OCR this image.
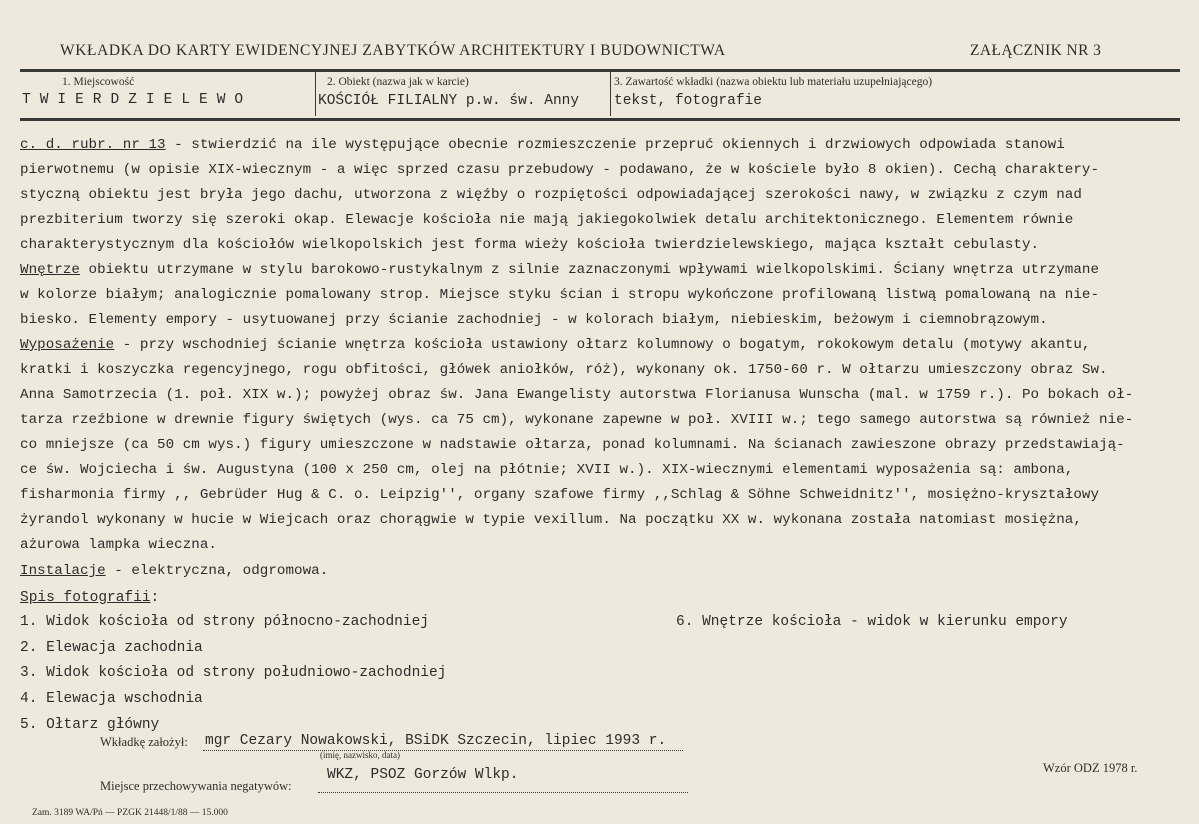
WKŁADKA DO KARTY EWIDENCYJNEJ ZABYTKÓW ARCHITEKTURY I BUDOWNICTWA	ZAŁĄCZNIK NR 3
1. Miejscowość
TWIERDZIELEWO
2. Obiekt (nazwa jak w karcie)
KOŚCIÓŁ FILIALNY p.w. św. Anny
3. Zawartość wkładki (nazwa obiektu lub materiału uzupełniającego)
tekst, fotografie
c. d. rubr. nr 13 - stwierdzić na ile występujące obecnie rozmieszczenie przepruć okiennych i drzwiowych odpowiada stanowi
pierwotnemu (w opisie XIX-wiecznym - a więc sprzed czasu przebudowy - podawano, że w kościele było 8 okien). Cechą charaktery-
styczną obiektu jest bryła jego dachu, utworzona z więźby o rozpiętości odpowiadającej szerokości nawy, w związku z czym nad
prezbiterium tworzy się szeroki okap. Elewacje kościoła nie mają jakiegokolwiek detalu architektonicznego. Elementem równie
charakterystycznym dla kościołów wielkopolskich jest forma wieży kościoła twierdzielewskiego, mająca kształt cebulasty.
Wnętrze obiektu utrzymane w stylu barokowo-rustykalnym z silnie zaznaczonymi wpływami wielkopolskimi. Ściany wnętrza utrzymane
w kolorze białym; analogicznie pomalowany strop. Miejsce styku ścian i stropu wykończone profilowaną listwą pomalowaną na nie-
biesko. Elementy empory - usytuowanej przy ścianie zachodniej - w kolorach białym, niebieskim, beżowym i ciemnobrązowym.
Wyposażenie - przy wschodniej ścianie wnętrza kościoła ustawiony ołtarz kolumnowy o bogatym, rokokowym detalu (motywy akantu,
kratki i koszyczka regencyjnego, rogu obfitości, główek aniołków, róż), wykonany ok. 1750-60 r. W ołtarzu umieszczony obraz Sw.
Anna Samotrzecia (1. poł. XIX w.); powyżej obraz św. Jana Ewangelisty autorstwa Florianusa Wunscha (mal. w 1759 r.). Po bokach oł-
tarza rzeźbione w drewnie figury świętych (wys. ca 75 cm), wykonane zapewne w poł. XVIII w.; tego samego autorstwa są również nie-
co mniejsze (ca 50 cm wys.) figury umieszczone w nadstawie ołtarza, ponad kolumnami. Na ścianach zawieszone obrazy przedstawiają-
ce św. Wojciecha i św. Augustyna (100 x 250 cm, olej na płótnie; XVII w.). XIX-wiecznymi elementami wyposażenia są: ambona,
fisharmonia firmy ,, Gebrüder Hug & C. o. Leipzig'', organy szafowe firmy ,,Schlag & Söhne Schweidnitz'', mosiężno-kryształowy
żyrandol wykonany w hucie w Wiejcach oraz chorągwie w typie vexillum. Na początku XX w. wykonana została natomiast mosiężna,
ażurowa lampka wieczna.
Instalacje - elektryczna, odgromowa.
Spis fotografii:
1. Widok kościoła od strony północno-zachodniej
2. Elewacja zachodnia
3. Widok kościoła od strony południowo-zachodniej
4. Elewacja wschodnia
5. Ołtarz główny
6. Wnętrze kościoła - widok w kierunku empory
Wkładkę założył: mgr Cezary Nowakowski, BSiDK Szczecin, lipiec 1993 r.
(imię, nazwisko, data)
Miejsce przechowywania negatywów:
WKZ, PSOZ Gorzów Wlkp.	Wzór ODZ 1978 r.
Zam. 3189 WA/Pń — PZGK 21448/1/88 — 15.000
